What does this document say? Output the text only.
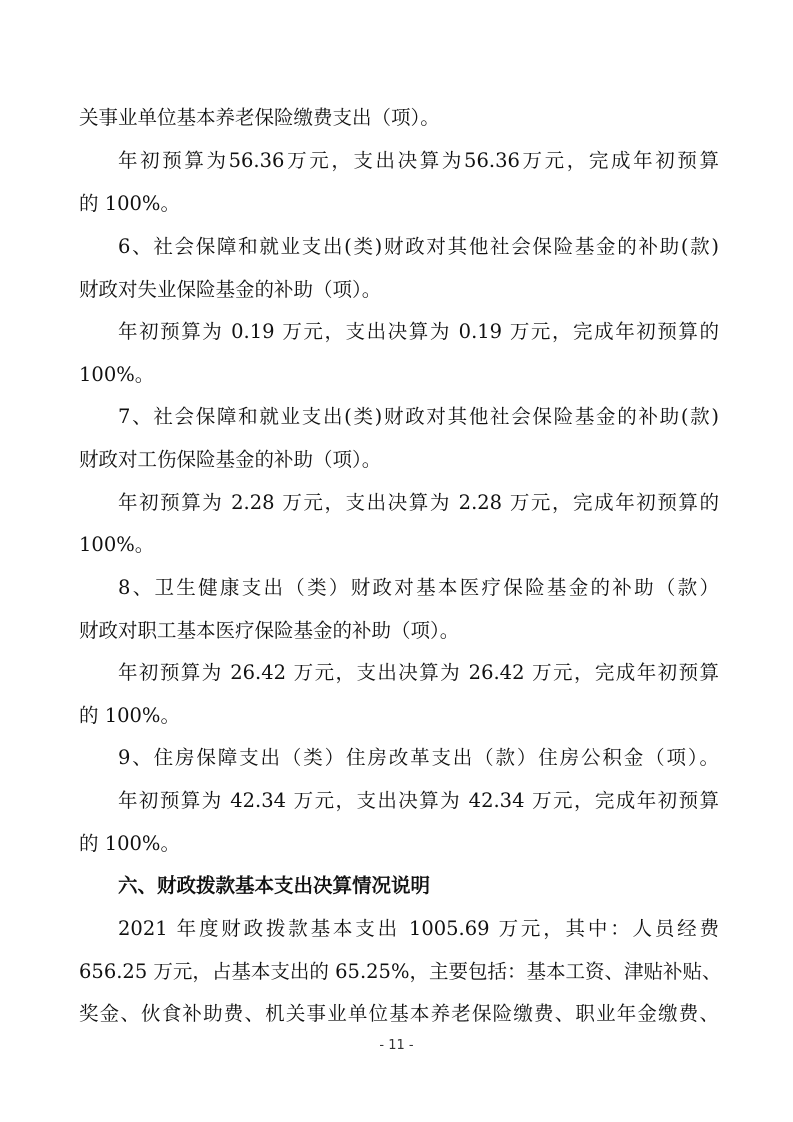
关事业单位基本养老保险缴费支出（项）。
年初预算为56.36万元，支出决算为56.36万元，完成年初预算
的 100%。
6、社会保障和就业支出(类)财政对其他社会保险基金的补助(款)
财政对失业保险基金的补助（项）。
年初预算为 0.19 万元，支出决算为 0.19 万元，完成年初预算的
100%。
7、社会保障和就业支出(类)财政对其他社会保险基金的补助(款)
财政对工伤保险基金的补助（项）。
年初预算为 2.28 万元，支出决算为 2.28 万元，完成年初预算的
100%。
8、卫生健康支出（类）财政对基本医疗保险基金的补助（款）
财政对职工基本医疗保险基金的补助（项）。
年初预算为 26.42 万元，支出决算为 26.42 万元，完成年初预算
的 100%。
9、住房保障支出（类）住房改革支出（款）住房公积金（项）。
年初预算为 42.34 万元，支出决算为 42.34 万元，完成年初预算
的 100%。
六、财政拨款基本支出决算情况说明
2021 年度财政拨款基本支出 1005.69 万元，其中：人员经费
656.25 万元，占基本支出的 65.25%，主要包括：基本工资、津贴补贴、
奖金、伙食补助费、机关事业单位基本养老保险缴费、职业年金缴费、
- 11 -
